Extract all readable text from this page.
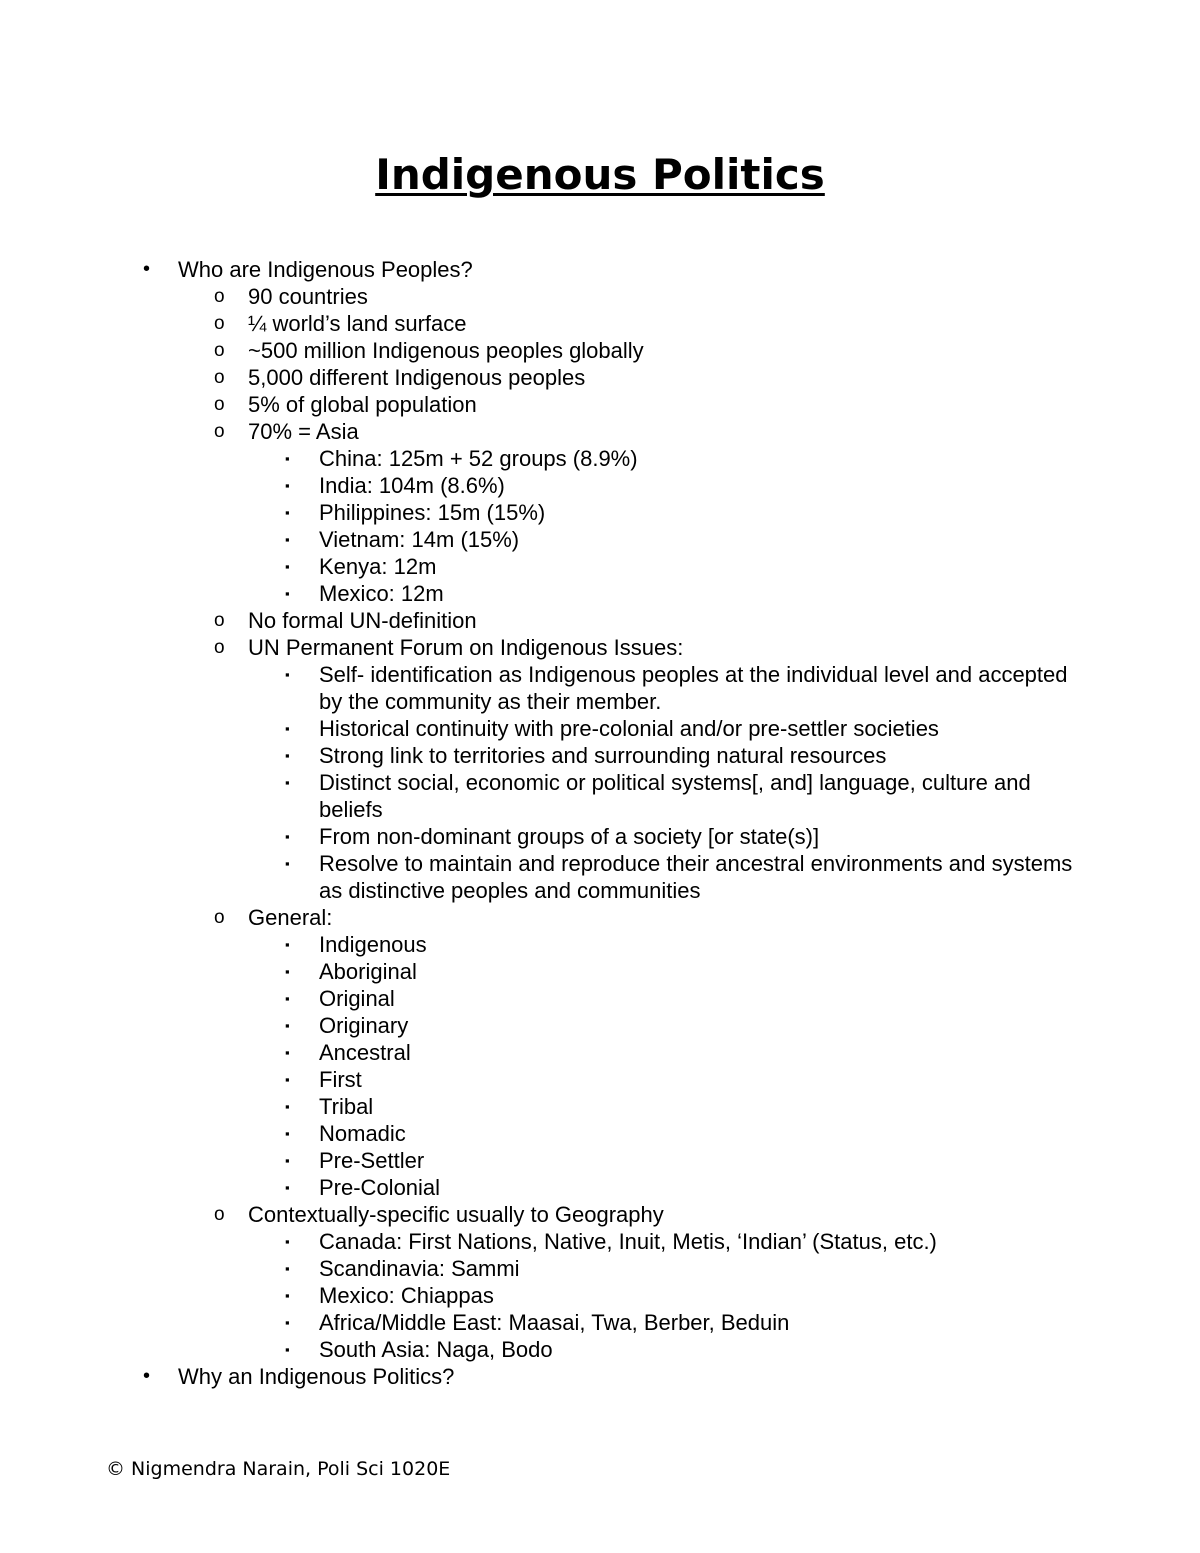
Indigenous Politics
• Who are Indigenous Peoples?
o 90 countries
o ¼ world’s land surface
o ~500 million Indigenous peoples globally
o 5,000 different Indigenous peoples
o 5% of global population
o 70% = Asia
▪ China: 125m + 52 groups (8.9%)
▪ India: 104m (8.6%)
▪ Philippines: 15m (15%)
▪ Vietnam: 14m (15%)
▪ Kenya: 12m
▪ Mexico: 12m
o No formal UN-definition
o UN Permanent Forum on Indigenous Issues:
▪ Self- identification as Indigenous peoples at the individual level and accepted by the community as their member.
▪ Historical continuity with pre-colonial and/or pre-settler societies
▪ Strong link to territories and surrounding natural resources
▪ Distinct social, economic or political systems[, and] language, culture and beliefs
▪ From non-dominant groups of a society [or state(s)]
▪ Resolve to maintain and reproduce their ancestral environments and systems as distinctive peoples and communities
o General:
▪ Indigenous
▪ Aboriginal
▪ Original
▪ Originary
▪ Ancestral
▪ First
▪ Tribal
▪ Nomadic
▪ Pre-Settler
▪ Pre-Colonial
o Contextually-specific usually to Geography
▪ Canada: First Nations, Native, Inuit, Metis, ‘Indian’ (Status, etc.)
▪ Scandinavia: Sammi
▪ Mexico: Chiappas
▪ Africa/Middle East: Maasai, Twa, Berber, Beduin
▪ South Asia: Naga, Bodo
• Why an Indigenous Politics?
© Nigmendra Narain, Poli Sci 1020E
